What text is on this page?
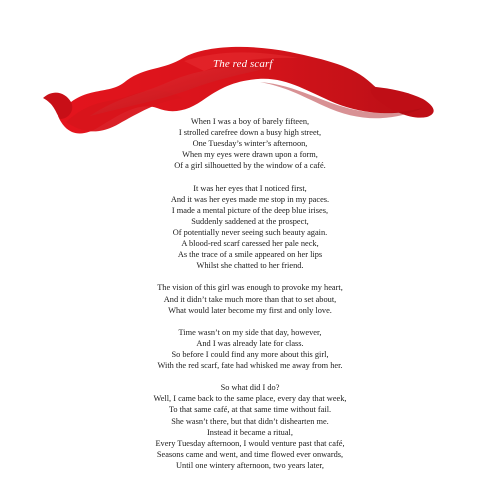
The red scarf
When I was a boy of barely fifteen,
I strolled carefree down a busy high street,
One Tuesday’s winter’s afternoon,
When my eyes were drawn upon a form,
Of a girl silhouetted by the window of a café.
It was her eyes that I noticed first,
And it was her eyes made me stop in my paces.
I made a mental picture of the deep blue irises,
Suddenly saddened at the prospect,
Of potentially never seeing such beauty again.
A blood-red scarf caressed her pale neck,
As the trace of a smile appeared on her lips
Whilst she chatted to her friend.
The vision of this girl was enough to provoke my heart,
And it didn’t take much more than that to set about,
What would later become my first and only love.
Time wasn’t on my side that day, however,
And I was already late for class.
So before I could find any more about this girl,
With the red scarf, fate had whisked me away from her.
So what did I do?
Well, I came back to the same place, every day that week,
To that same café, at that same time without fail.
She wasn’t there, but that didn’t dishearten me.
Instead it became a ritual,
Every Tuesday afternoon, I would venture past that café,
Seasons came and went, and time flowed ever onwards,
Until one wintery afternoon, two years later,
